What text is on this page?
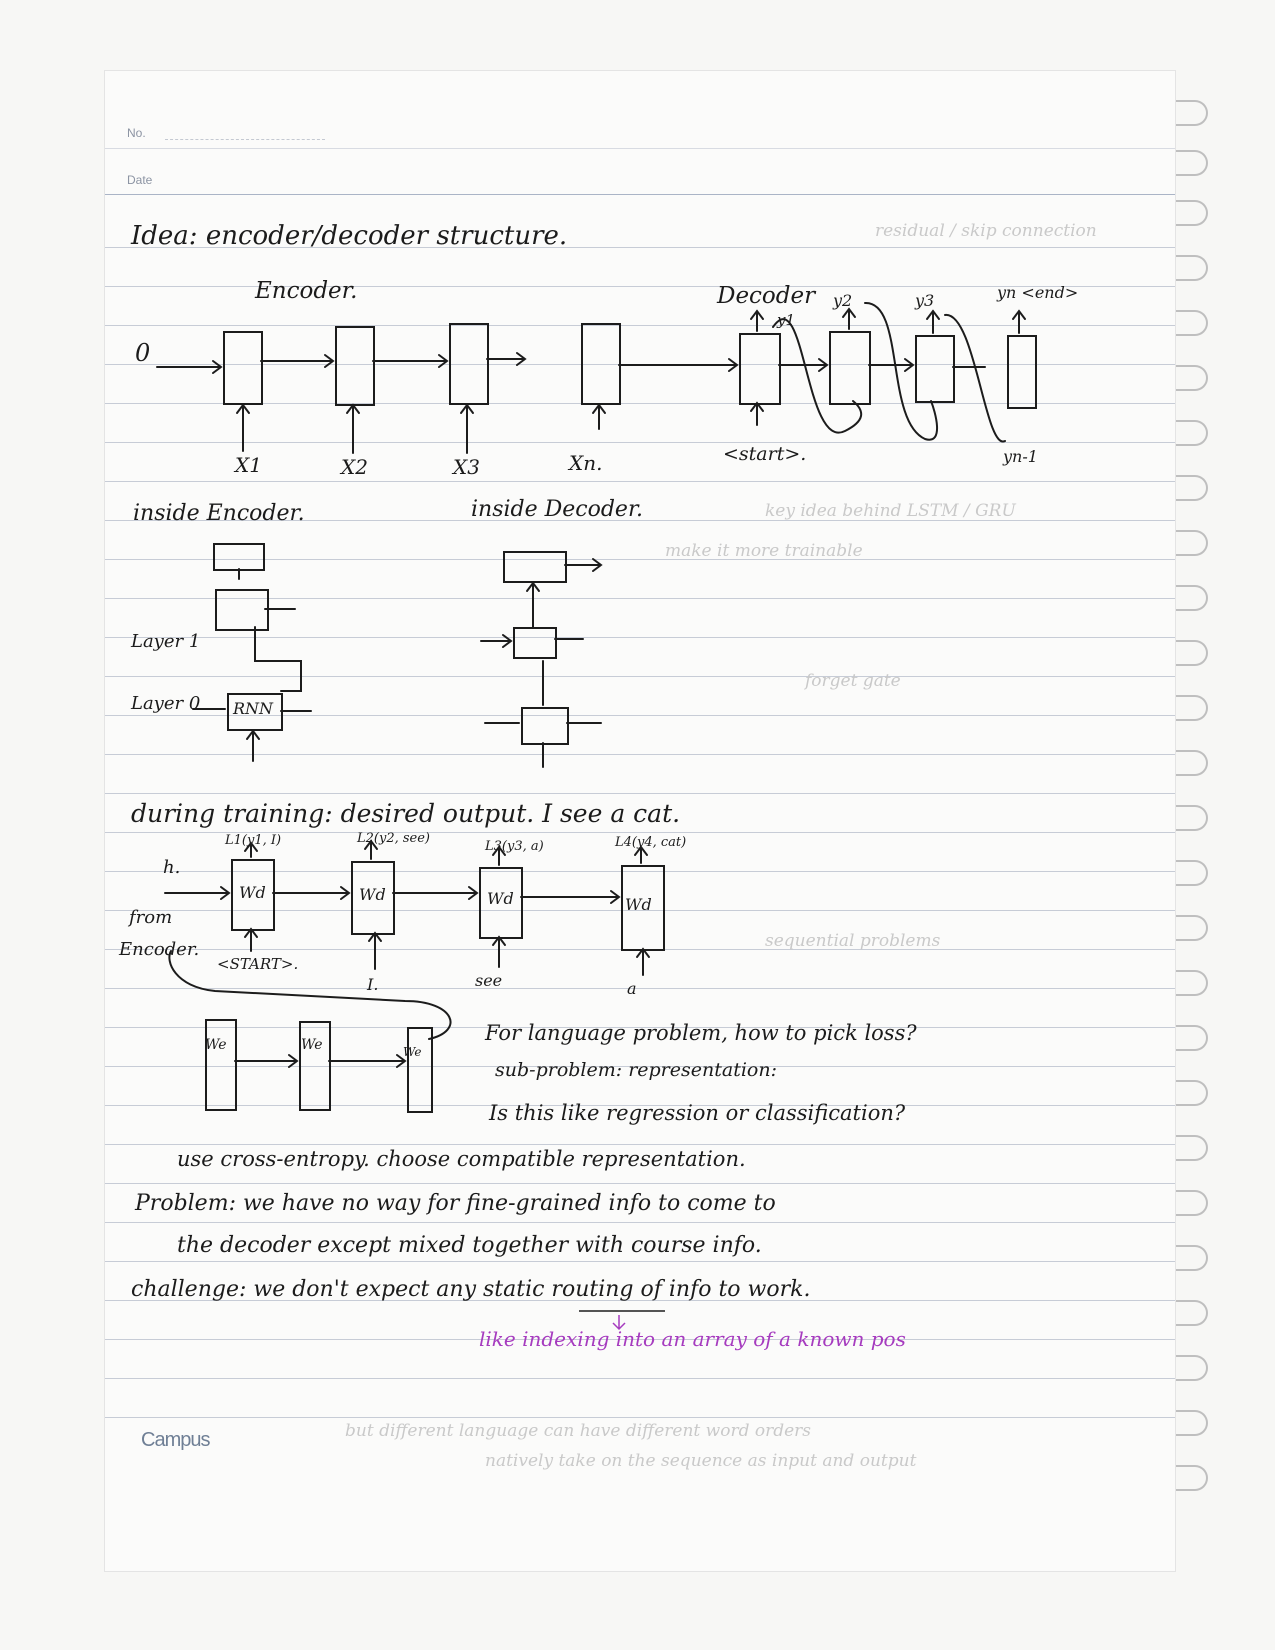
residual / skip connection
key idea behind LSTM / GRU
make it more trainable
forget gate
sequential problems
but different language can have different word orders
natively take on the sequence as input and output
No.
Date
Idea: encoder/decoder structure.
Encoder.	Decoder
0
X1	X2	X3	Xn.	<start>.
y1
y2	y3	yn <end>
yn-1
inside Encoder.	inside Decoder.
Layer 1
Layer 0 RNN
during training: desired output. I see a cat.
L1(y1, I)	L2(y2, see)
L3(y3, a)	L4(y4, cat)
h.
from
Encoder.
Wd	Wd	Wd	Wd
<START>.
I.	see	a
We	We	We
For language problem, how to pick loss?
sub-problem: representation:
Is this like regression or classification?
use cross-entropy. choose compatible representation.
Problem: we have no way for fine-grained info to come to
the decoder except mixed together with course info.
challenge: we don't expect any static routing of info to work.
like indexing into an array of a known pos
Campus
